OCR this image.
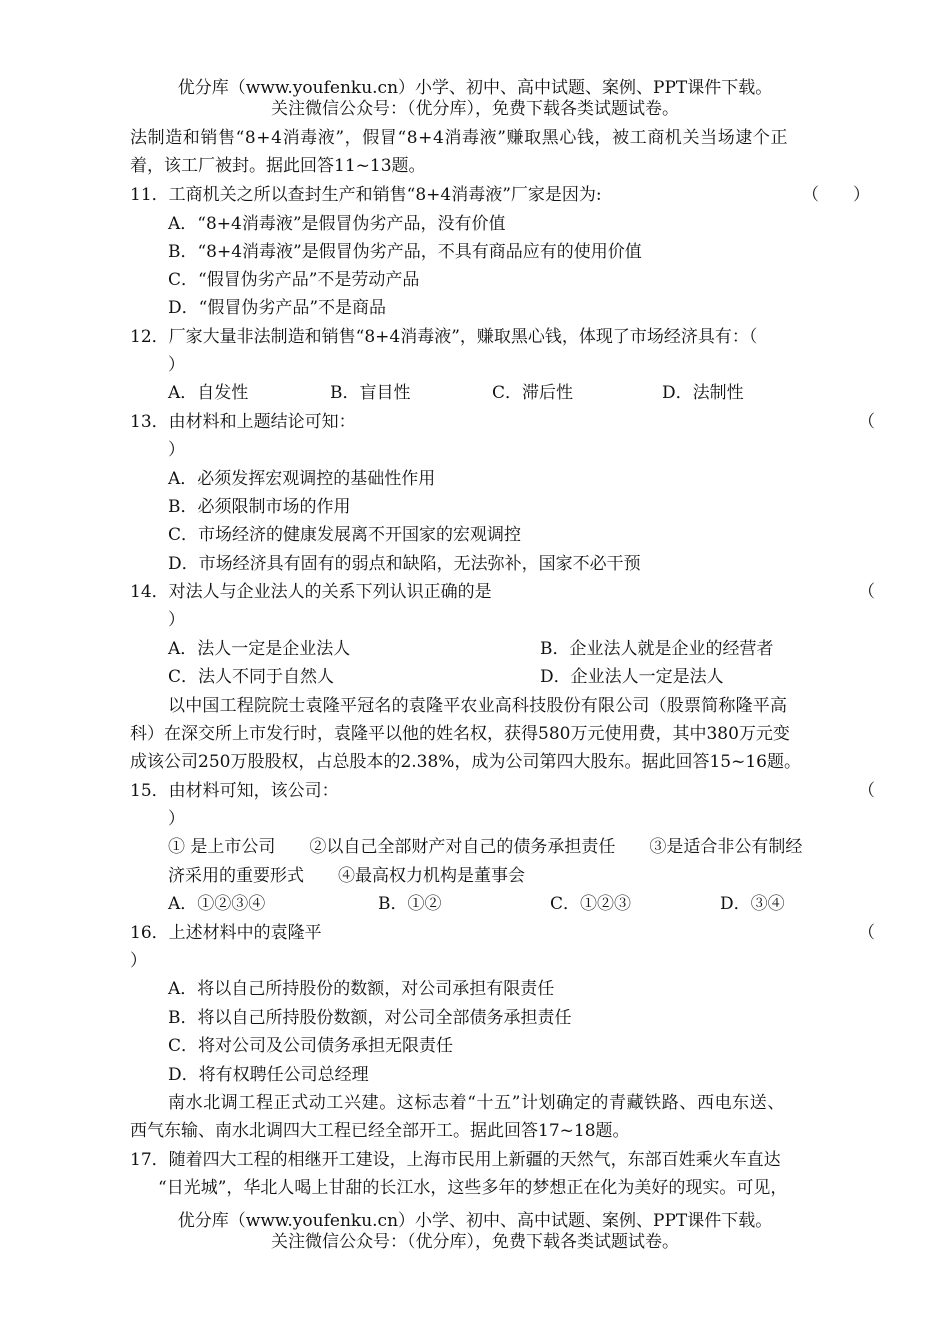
优分库（www.youfenku.cn）小学、初中、高中试题、案例、PPT课件下载。
关注微信公众号：（优分库），免费下载各类试题试卷。
法制造和销售“8+4消毒液”，假冒“8+4消毒液”赚取黑心钱，被工商机关当场逮个正
着，该工厂被封。据此回答11~13题。
11．工商机关之所以查封生产和销售“8+4消毒液”厂家是因为:	（　　）
A．“8+4消毒液”是假冒伪劣产品，没有价值
B．“8+4消毒液”是假冒伪劣产品，不具有商品应有的使用价值
C．“假冒伪劣产品”不是劳动产品
D．“假冒伪劣产品”不是商品
12．厂家大量非法制造和销售“8+4消毒液”，赚取黑心钱，体现了市场经济具有：（
）
A．自发性	B．盲目性	C．滞后性	D．法制性
13．由材料和上题结论可知：	（
）
A．必须发挥宏观调控的基础性作用
B．必须限制市场的作用
C．市场经济的健康发展离不开国家的宏观调控
D．市场经济具有固有的弱点和缺陷，无法弥补，国家不必干预
14．对法人与企业法人的关系下列认识正确的是	（
）
A．法人一定是企业法人	B．企业法人就是企业的经营者
C．法人不同于自然人	D．企业法人一定是法人
以中国工程院院士袁隆平冠名的袁隆平农业高科技股份有限公司（股票简称隆平高
科）在深交所上市发行时，袁隆平以他的姓名权，获得580万元使用费，其中380万元变
成该公司250万股股权，占总股本的2.38%，成为公司第四大股东。据此回答15~16题。
15．由材料可知，该公司：	（
）
① 是上市公司　　②以自己全部财产对自己的债务承担责任　　③是适合非公有制经
济采用的重要形式　　④最高权力机构是董事会
A．①②③④	B．①②	C．①②③	D．③④
16．上述材料中的袁隆平	（
）
A．将以自己所持股份的数额，对公司承担有限责任
B．将以自己所持股份数额，对公司全部债务承担责任
C．将对公司及公司债务承担无限责任
D．将有权聘任公司总经理
南水北调工程正式动工兴建。这标志着“十五”计划确定的青藏铁路、西电东送、
西气东输、南水北调四大工程已经全部开工。据此回答17~18题。
17．随着四大工程的相继开工建设，上海市民用上新疆的天然气，东部百姓乘火车直达
“日光城”，华北人喝上甘甜的长江水，这些多年的梦想正在化为美好的现实。可见，
优分库（www.youfenku.cn）小学、初中、高中试题、案例、PPT课件下载。
关注微信公众号：（优分库），免费下载各类试题试卷。
